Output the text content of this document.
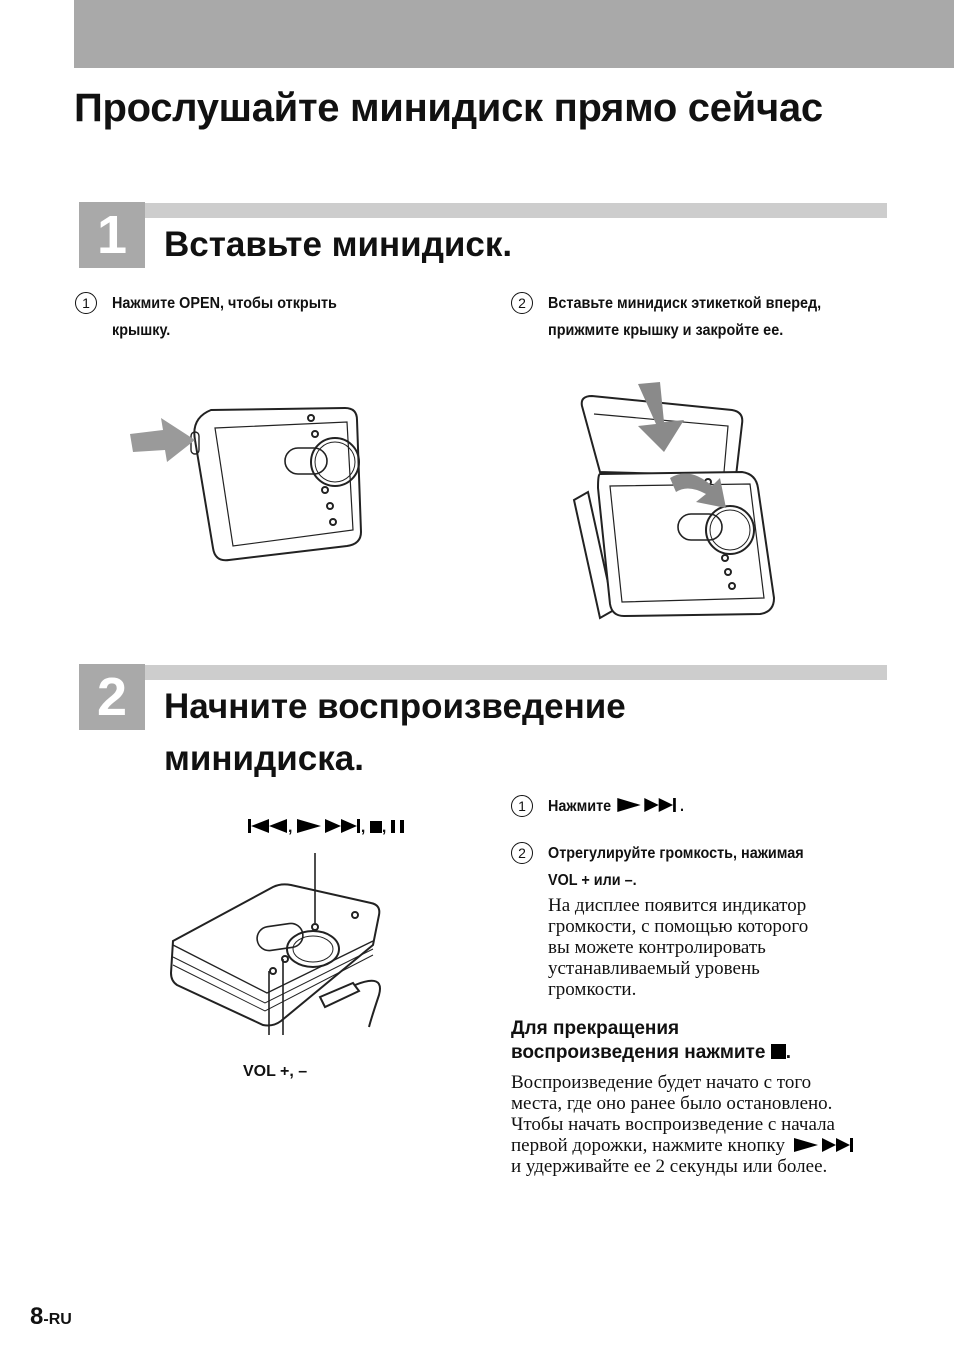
Прослушайте минидиск прямо сейчас
1	Вставьте минидиск.
1	Нажмите OPEN, чтобы открыть
крышку.
2	Вставьте минидиск этикеткой вперед,
прижмите крышку и закройте ее.
2	Начните воспроизведение
минидиска.
,	, ,
VOL +, –
1	Нажмите	.
2	Отрегулируйте громкость, нажимая
VOL + или –.
На дисплее появится индикатор
громкости, с помощью которого
вы можете контролировать
устанавливаемый уровень
громкости.
Для прекращения
воспроизведения нажмите .
Воспроизведение будет начато с того
места, где оно ранее было остановлено.
Чтобы начать воспроизведение с начала
первой дорожки, нажмите кнопку
и удерживайте ее 2 секунды или более.
8-RU
